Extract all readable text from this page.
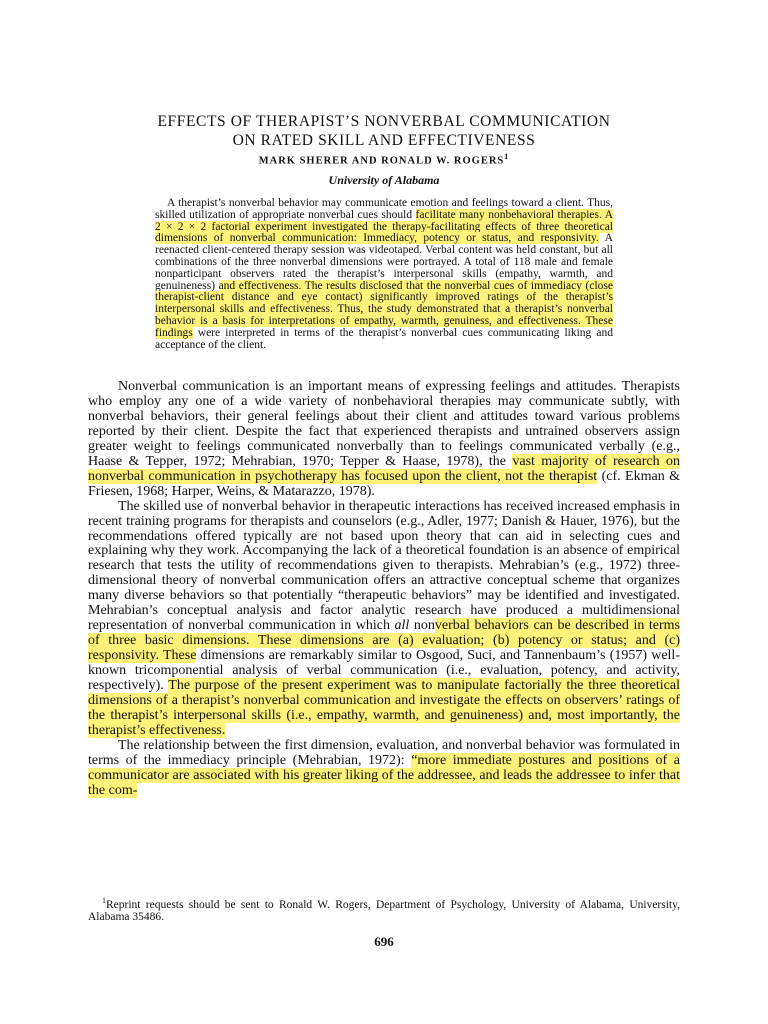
EFFECTS OF THERAPIST’S NONVERBAL COMMUNICATION
ON RATED SKILL AND EFFECTIVENESS
MARK SHERER AND RONALD W. ROGERS$^1$
University of Alabama

A therapist’s nonverbal behavior may communicate emotion and feelings toward a client. Thus, skilled utilization of appropriate nonverbal cues should facilitate many nonbehavioral therapies. A 2 × 2 × 2 factorial experiment investigated the therapy-facilitating effects of three theoretical dimensions of nonverbal communication: Immediacy, potency or status, and responsivity. A reenacted client-centered therapy session was videotaped. Verbal content was held constant, but all combinations of the three nonverbal dimensions were portrayed. A total of 118 male and female nonparticipant observers rated the therapist’s interpersonal skills (empathy, warmth, and genuineness) and effectiveness. The results disclosed that the nonverbal cues of immediacy (close therapist-client distance and eye contact) significantly improved ratings of the therapist’s interpersonal skills and effectiveness. Thus, the study demonstrated that a therapist’s nonverbal behavior is a basis for interpretations of empathy, warmth, genuiness, and effectiveness. These findings were interpreted in terms of the therapist’s nonverbal cues communicating liking and acceptance of the client.

Nonverbal communication is an important means of expressing feelings and attitudes. Therapists who employ any one of a wide variety of nonbehavioral therapies may communicate subtly, with nonverbal behaviors, their general feelings about their client and attitudes toward various problems reported by their client. Despite the fact that experienced therapists and untrained observers assign greater weight to feelings communicated nonverbally than to feelings communicated verbally (e.g., Haase & Tepper, 1972; Mehrabian, 1970; Tepper & Haase, 1978), the vast majority of research on nonverbal communication in psychotherapy has focused upon the client, not the therapist (cf. Ekman & Friesen, 1968; Harper, Weins, & Matarazzo, 1978).

The skilled use of nonverbal behavior in therapeutic interactions has received increased emphasis in recent training programs for therapists and counselors (e.g., Adler, 1977; Danish & Hauer, 1976), but the recommendations offered typically are not based upon theory that can aid in selecting cues and explaining why they work. Accompanying the lack of a theoretical foundation is an absence of empirical research that tests the utility of recommendations given to therapists. Mehrabian’s (e.g., 1972) three-dimensional theory of nonverbal communication offers an attractive conceptual scheme that organizes many diverse behaviors so that potentially “therapeutic behaviors” may be identified and investigated. Mehrabian’s conceptual analysis and factor analytic research have produced a multidimensional representation of nonverbal communication in which all nonverbal behaviors can be described in terms of three basic dimensions. These dimensions are (a) evaluation; (b) potency or status; and (c) responsivity. These dimensions are remarkably similar to Osgood, Suci, and Tannenbaum’s (1957) well-known tricomponential analysis of verbal communication (i.e., evaluation, potency, and activity, respectively). The purpose of the present experiment was to manipulate factorially the three theoretical dimensions of a therapist’s nonverbal communication and investigate the effects on observers’ ratings of the therapist’s interpersonal skills (i.e., empathy, warmth, and genuineness) and, most importantly, the therapist’s effectiveness.

The relationship between the first dimension, evaluation, and nonverbal behavior was formulated in terms of the immediacy principle (Mehrabian, 1972): “more immediate postures and positions of a communicator are associated with his greater liking of the addressee, and leads the addressee to infer that the com-

$^1$Reprint requests should be sent to Ronald W. Rogers, Department of Psychology, University of Alabama, University, Alabama 35486.

696
